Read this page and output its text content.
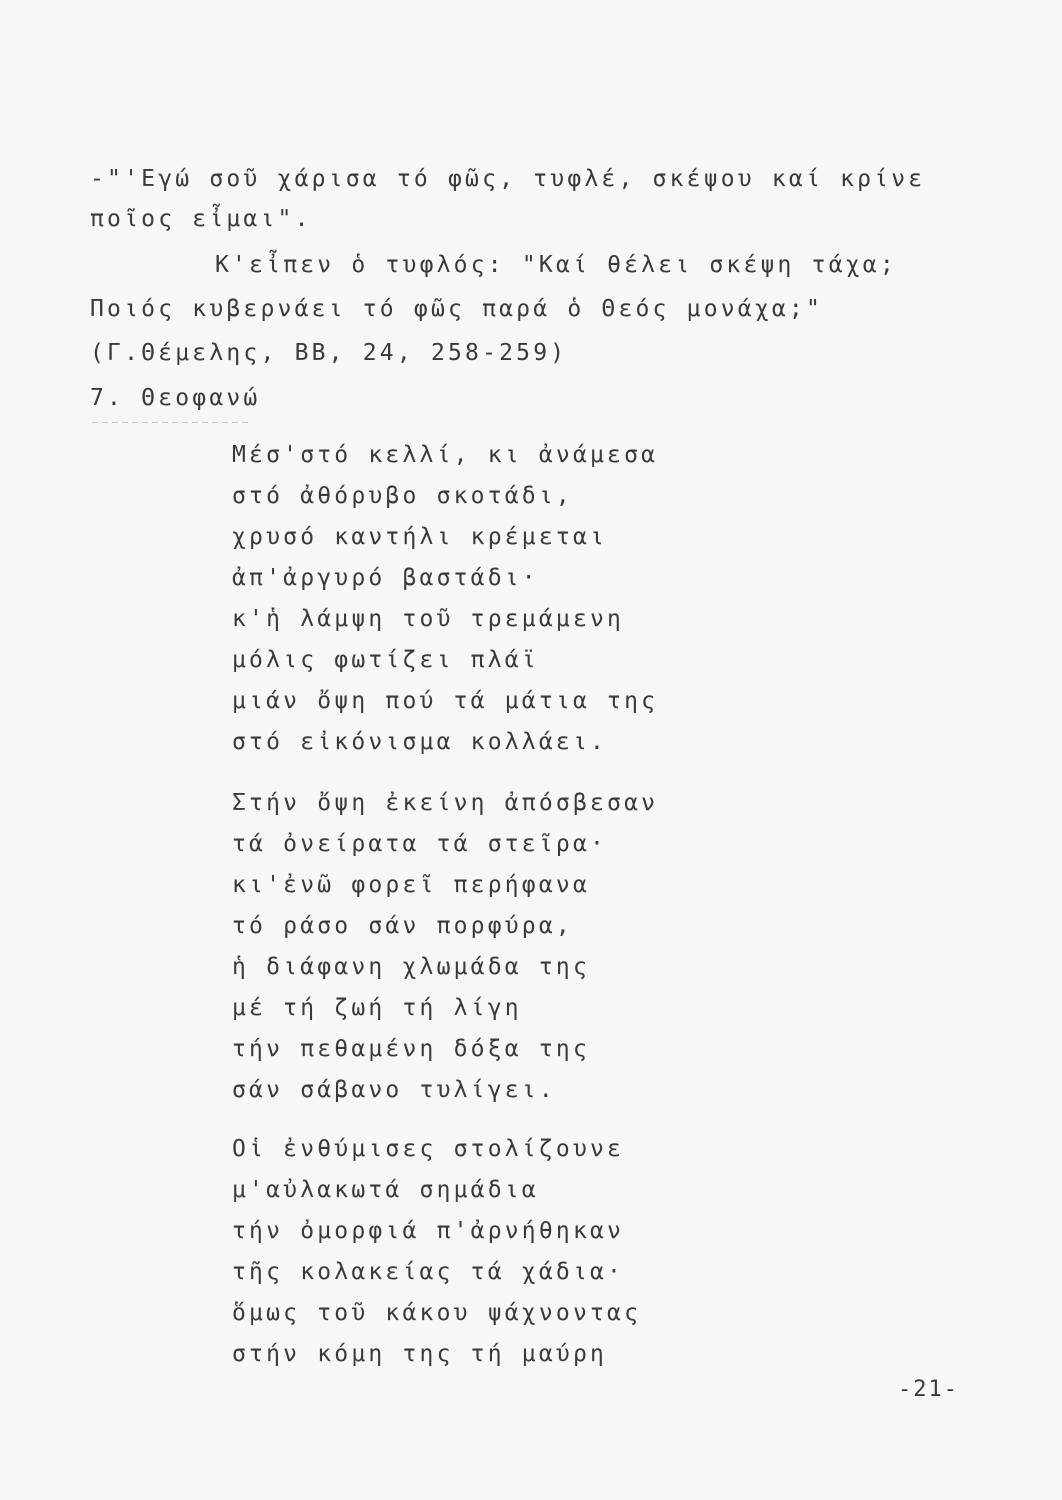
-"'Εγώ σοῦ χάρισα τό φῶς, τυφλέ, σκέψου καί κρίνε
ποῖος εἶμαι".
Κ'εἶπεν ὁ τυφλός: "Καί θέλει σκέψη τάχα;
Ποιός κυβερνάει τό φῶς παρά ὁ Θεός μονάχα;"
(Γ.Θέμελης, ΒΒ, 24, 258-259)
7. Θεοφανώ
Μέσ'στό κελλί, κι ἀνάμεσα
στό ἀθόρυβο σκοτάδι,
χρυσό καντήλι κρέμεται
ἀπ'ἀργυρό βαστάδι·
κ'ἡ λάμψη τοῦ τρεμάμενη
μόλις φωτίζει πλάϊ
μιάν ὄψη πού τά μάτια της
στό εἰκόνισμα κολλάει.
Στήν ὄψη ἐκείνη ἀπόσβεσαν
τά ὀνείρατα τά στεῖρα·
κι'ἐνῶ φορεῖ περήφανα
τό ράσο σάν πορφύρα,
ἡ διάφανη χλωμάδα της
μέ τή ζωή τή λίγη
τήν πεθαμένη δόξα της
σάν σάβανο τυλίγει.
Οἱ ἐνθύμισες στολίζουνε
μ'αὐλακωτά σημάδια
τήν ὀμορφιά π'ἀρνήθηκαν
τῆς κολακείας τά χάδια·
ὅμως τοῦ κάκου ψάχνοντας
στήν κόμη της τή μαύρη
-21-
